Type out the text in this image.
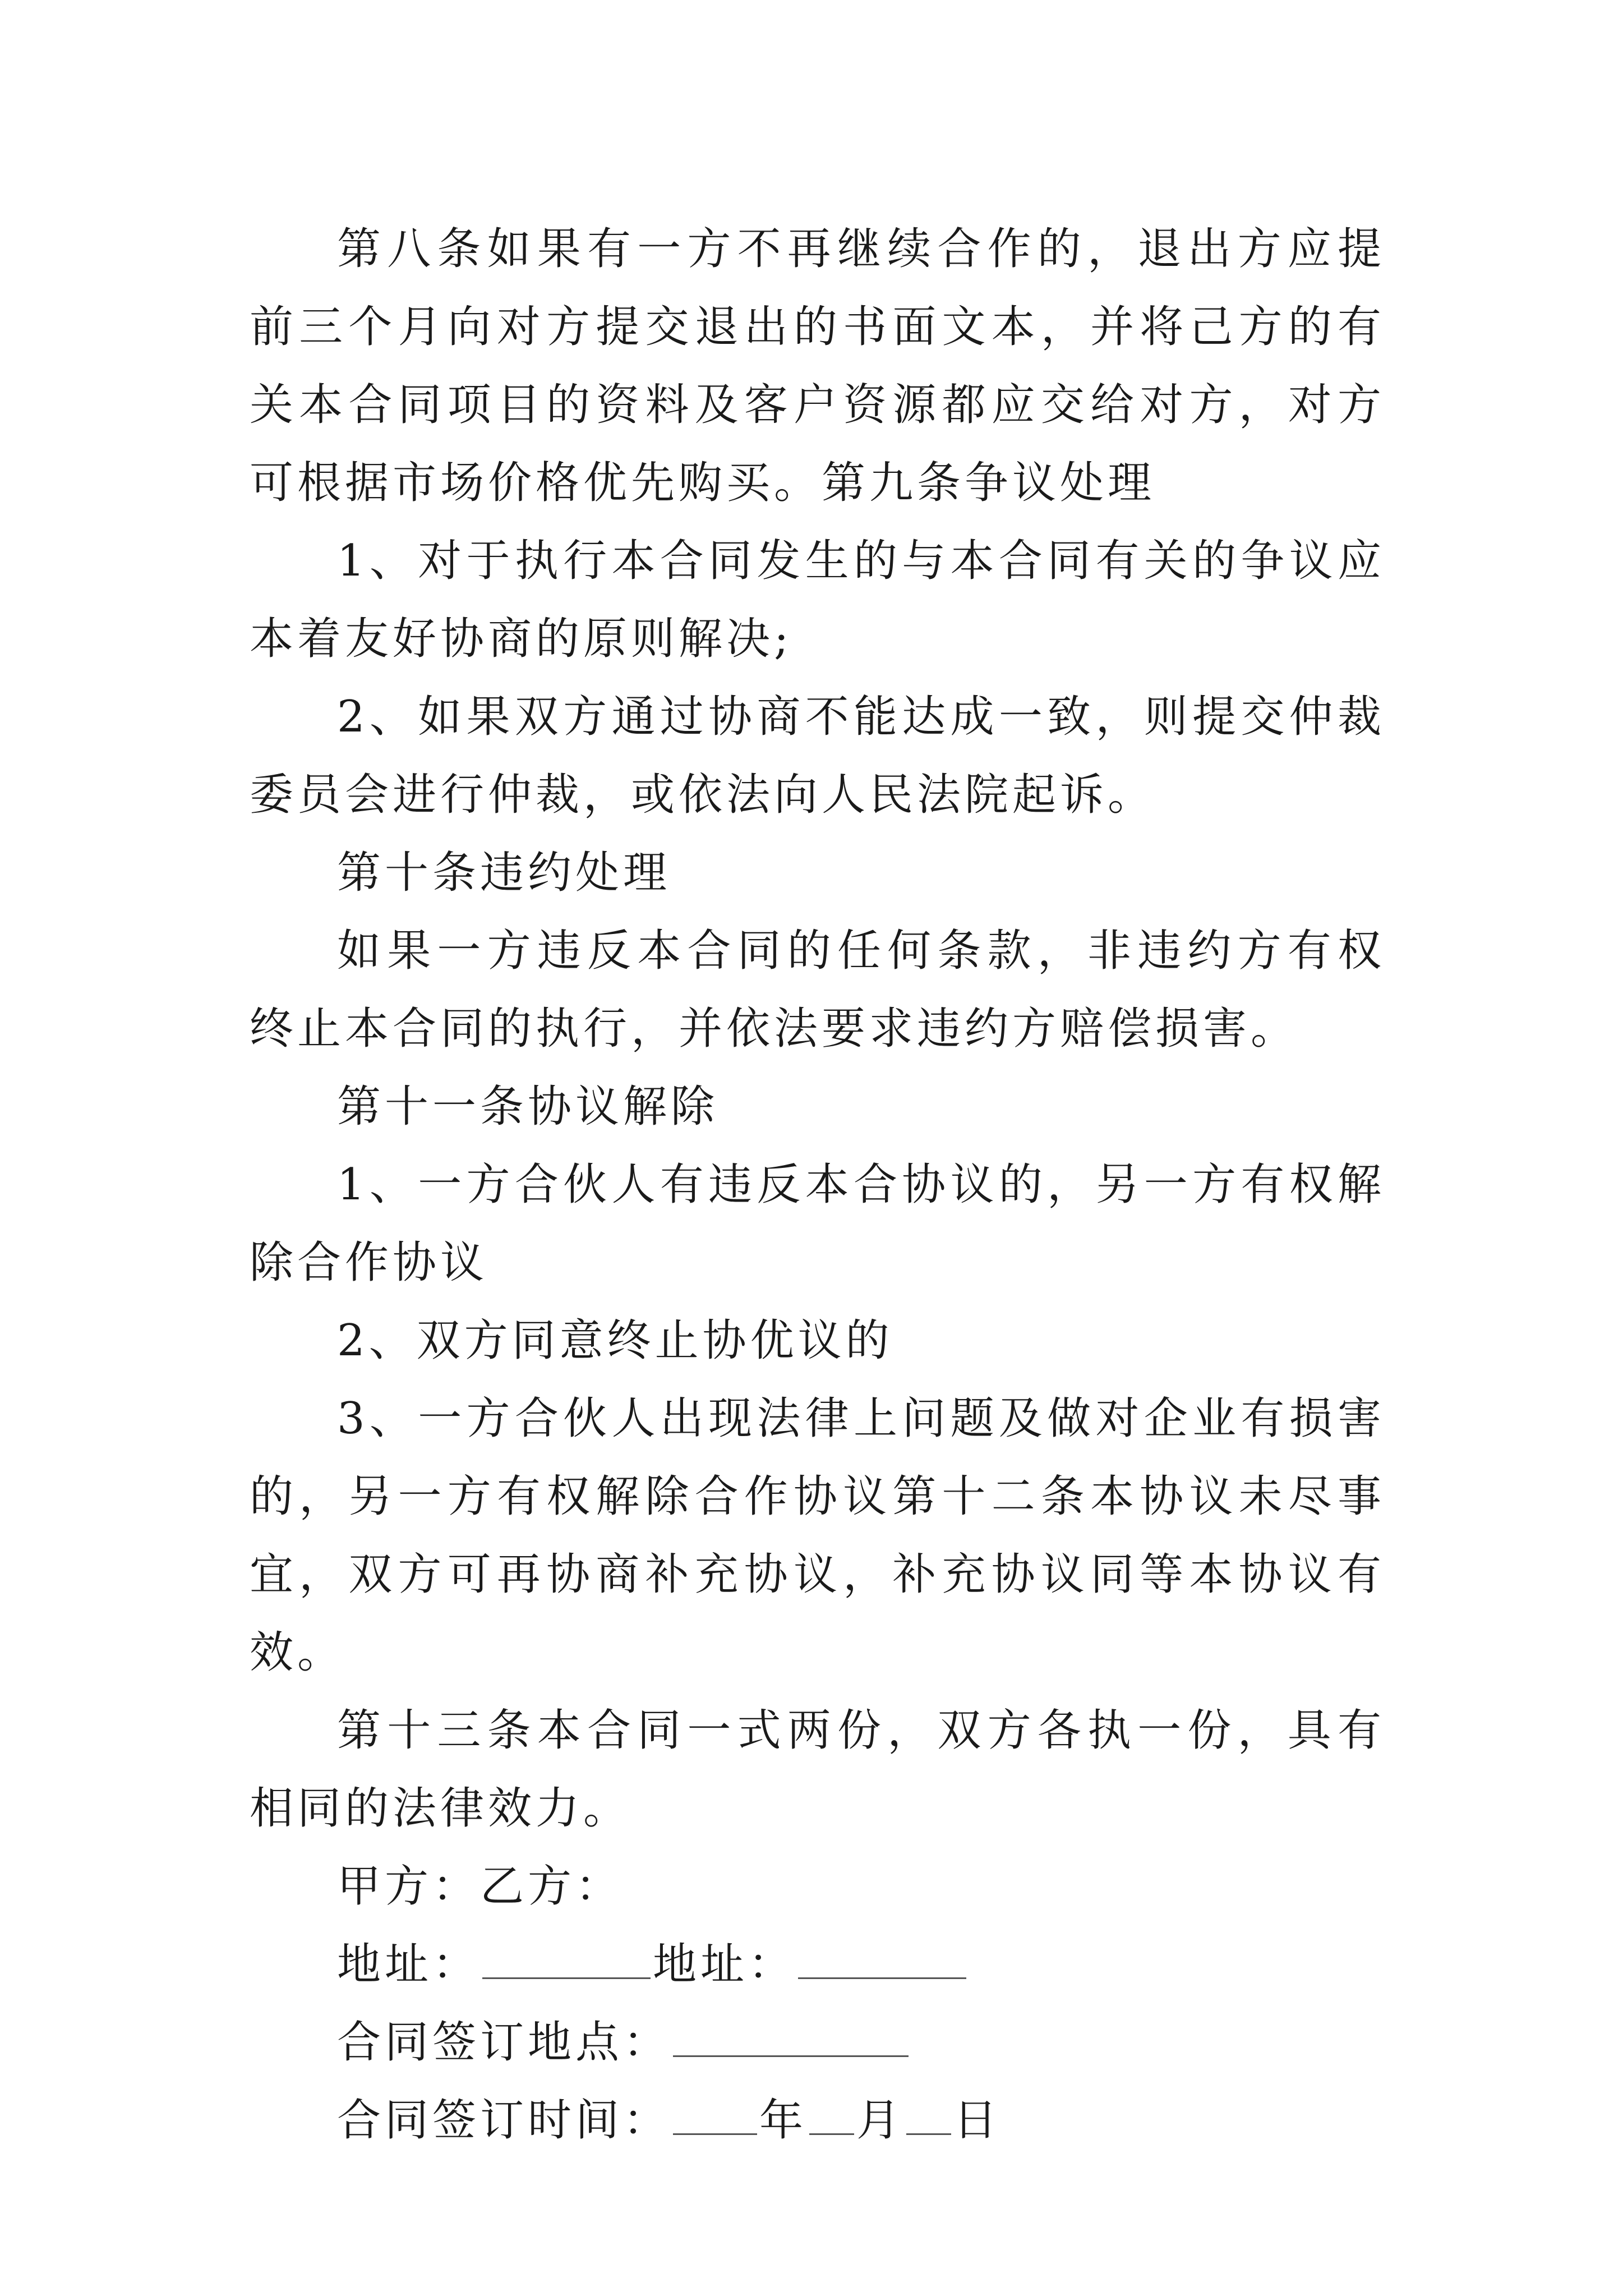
第八条如果有一方不再继续合作的，退出方应提前三个月向对方提交退出的书面文本，并将己方的有关本合同项目的资料及客户资源都应交给对方，对方可根据市场价格优先购买。第九条争议处理

1、对于执行本合同发生的与本合同有关的争议应本着友好协商的原则解决;

2、如果双方通过协商不能达成一致，则提交仲裁委员会进行仲裁，或依法向人民法院起诉。

第十条违约处理

如果一方违反本合同的任何条款，非违约方有权终止本合同的执行，并依法要求违约方赔偿损害。

第十一条协议解除

1、一方合伙人有违反本合协议的，另一方有权解除合作协议

2、双方同意终止协优议的

3、一方合伙人出现法律上问题及做对企业有损害的，另一方有权解除合作协议第十二条本协议未尽事宜，双方可再协商补充协议，补充协议同等本协议有效。

第十三条本合同一式两份，双方各执一份，具有相同的法律效力。

甲方：乙方：

地址：	地址：

合同签订地点：

合同签订时间： 年 月 日
